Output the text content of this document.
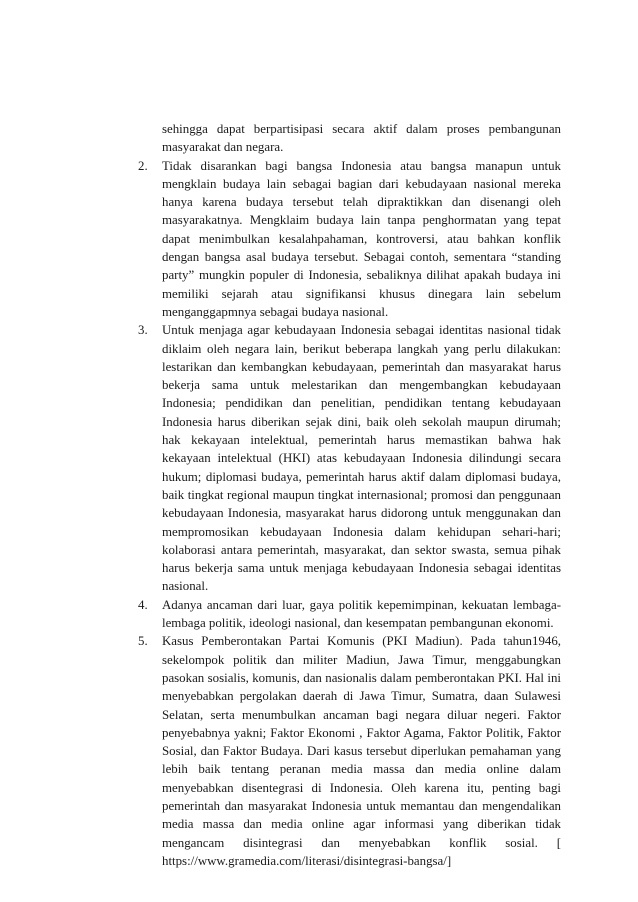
sehingga dapat berpartisipasi secara aktif dalam proses pembangunan masyarakat dan negara.
2.	Tidak disarankan bagi bangsa Indonesia atau bangsa manapun untuk mengklain budaya lain sebagai bagian dari kebudayaan nasional mereka hanya karena budaya tersebut telah dipraktikkan dan disenangi oleh masyarakatnya. Mengklaim budaya lain tanpa penghormatan yang tepat dapat menimbulkan kesalahpahaman, kontroversi, atau bahkan konflik dengan bangsa asal budaya tersebut. Sebagai contoh, sementara “standing party” mungkin populer di Indonesia, sebaliknya dilihat apakah budaya ini memiliki sejarah atau signifikansi khusus dinegara lain sebelum menganggapmnya sebagai budaya nasional.
3.	Untuk menjaga agar kebudayaan Indonesia sebagai identitas nasional tidak diklaim oleh negara lain, berikut beberapa langkah yang perlu dilakukan: lestarikan dan kembangkan kebudayaan, pemerintah dan masyarakat harus bekerja sama untuk melestarikan dan mengembangkan kebudayaan Indonesia; pendidikan dan penelitian, pendidikan tentang kebudayaan Indonesia harus diberikan sejak dini, baik oleh sekolah maupun dirumah; hak kekayaan intelektual, pemerintah harus memastikan bahwa hak kekayaan intelektual (HKI) atas kebudayaan Indonesia dilindungi secara hukum; diplomasi budaya, pemerintah harus aktif dalam diplomasi budaya, baik tingkat regional maupun tingkat internasional; promosi dan penggunaan kebudayaan Indonesia, masyarakat harus didorong untuk menggunakan dan mempromosikan kebudayaan Indonesia dalam kehidupan sehari-hari; kolaborasi antara pemerintah, masyarakat, dan sektor swasta, semua pihak harus bekerja sama untuk menjaga kebudayaan Indonesia sebagai identitas nasional.
4.	Adanya ancaman dari luar, gaya politik kepemimpinan, kekuatan lembaga-lembaga politik, ideologi nasional, dan kesempatan pembangunan ekonomi.
5.	Kasus Pemberontakan Partai Komunis (PKI Madiun). Pada tahun1946, sekelompok politik dan militer Madiun, Jawa Timur, menggabungkan pasokan sosialis, komunis, dan nasionalis dalam pemberontakan PKI. Hal ini menyebabkan pergolakan daerah di Jawa Timur, Sumatra, daan Sulawesi Selatan, serta menumbulkan ancaman bagi negara diluar negeri. Faktor penyebabnya yakni; Faktor Ekonomi , Faktor Agama, Faktor Politik, Faktor Sosial, dan Faktor Budaya. Dari kasus tersebut diperlukan pemahaman yang lebih baik tentang peranan media massa dan media online dalam menyebabkan disentegrasi di Indonesia. Oleh karena itu, penting bagi pemerintah dan masyarakat Indonesia untuk memantau dan mengendalikan media massa dan media online agar informasi yang diberikan tidak mengancam disintegrasi dan menyebabkan konflik sosial. [ https://www.gramedia.com/literasi/disintegrasi-bangsa/]
